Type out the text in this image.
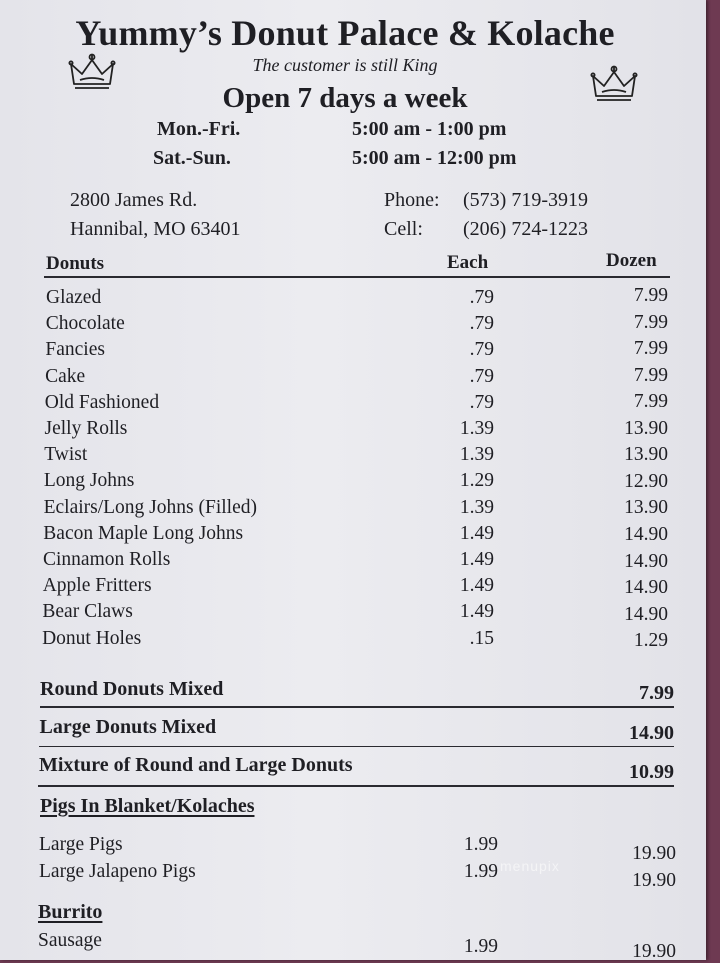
Yummy’s Donut Palace & Kolache
The customer is still King
Open 7 days a week
Mon.-Fri.	5:00 am - 1:00 pm
Sat.-Sun.	5:00 am - 12:00 pm
2800 James Rd.
Hannibal, MO 63401
Phone: (573) 719-3919
Cell: (206) 724-1223
Donuts	Each	Dozen
Glazed	.79	7.99
Chocolate	.79	7.99
Fancies	.79	7.99
Cake	.79	7.99
Old Fashioned	.79	7.99
Jelly Rolls	1.39	13.90
Twist	1.39	13.90
Long Johns	1.29	12.90
Eclairs/Long Johns (Filled)	1.39	13.90
Bacon Maple Long Johns	1.49	14.90
Cinnamon Rolls	1.49	14.90
Apple Fritters	1.49	14.90
Bear Claws	1.49	14.90
Donut Holes	.15	1.29
Round Donuts Mixed	7.99
Large Donuts Mixed	14.90
Mixture of Round and Large Donuts	10.99
Pigs In Blanket/Kolaches
Large Pigs	1.99	19.90
Large Jalapeno Pigs	1.99	19.90
Burrito
Sausage	1.99	19.90
menupix
